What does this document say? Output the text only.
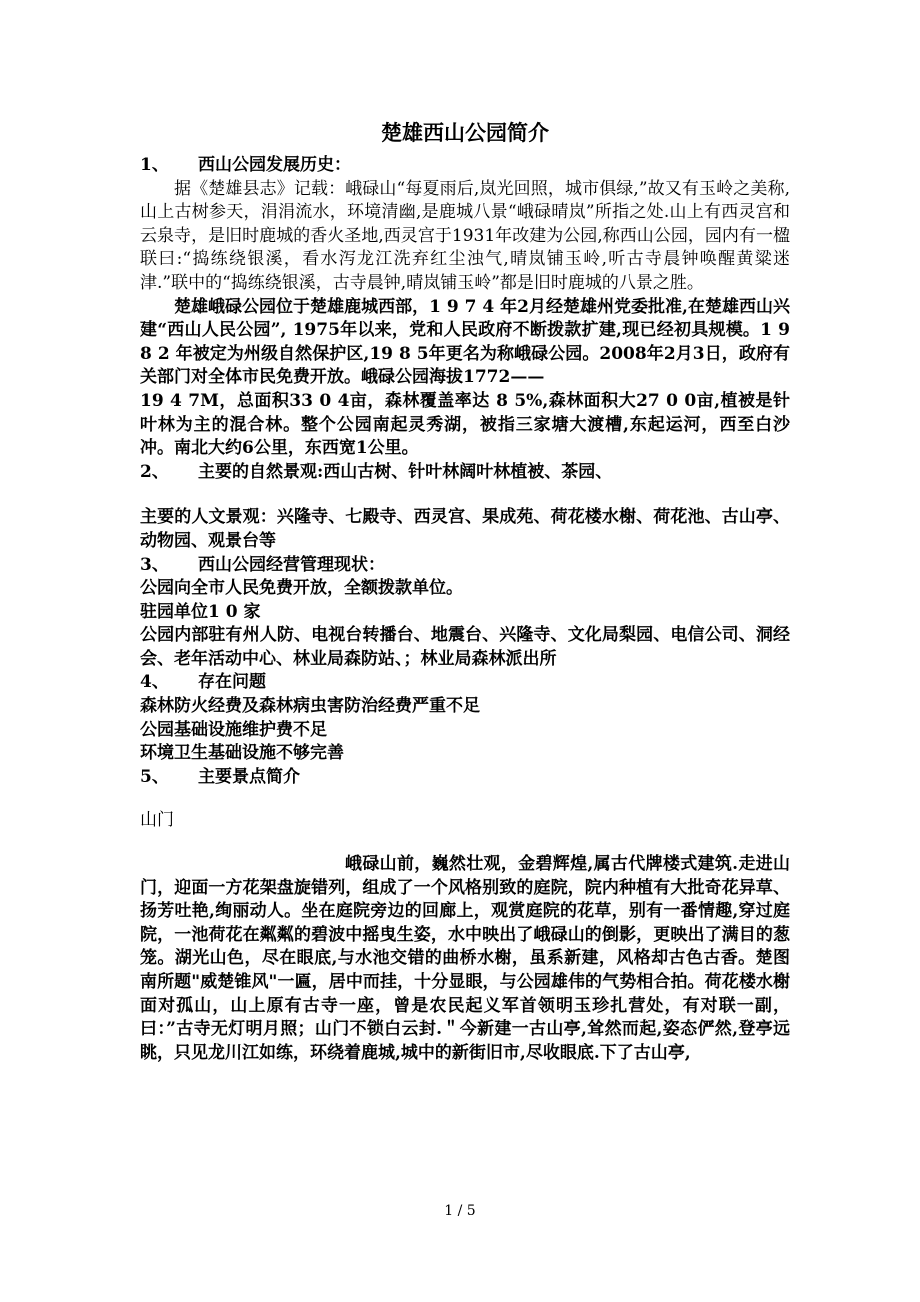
楚雄西山公园简介
1、	西山公园发展历史：

据《楚雄县志》记载：峨碌山“每夏雨后,岚光回照，城市俱绿,”故又有玉岭之美称,山上古树参天，涓涓流水，环境清幽,是鹿城八景“峨碌晴岚”所指之处.山上有西灵宫和云泉寺，是旧时鹿城的香火圣地,西灵宫于1931年改建为公园,称西山公园，园内有一楹联曰:“捣练绕银溪，看水泻龙江洗弃红尘浊气,晴岚铺玉岭,听古寺晨钟唤醒黄粱迷津.”联中的“捣练绕银溪，古寺晨钟,晴岚铺玉岭”都是旧时鹿城的八景之胜。

楚雄峨碌公园位于楚雄鹿城西部，1 9 7 4 年2月经楚雄州党委批准,在楚雄西山兴建“西山人民公园”, 1975年以来，党和人民政府不断拨款扩建,现已经初具规模。1 9 8 2 年被定为州级自然保护区,19 8 5年更名为称峨碌公园。2008年2月3日，政府有关部门对全体市民免费开放。峨碌公园海拔1772——

19 4 7M，总面积33 0 4亩，森林覆盖率达 8 5%,森林面积大27 0 0亩,植被是针叶林为主的混合林。整个公园南起灵秀湖，被指三家塘大渡槽,东起运河，西至白沙冲。南北大约6公里，东西宽1公里。

2、	主要的自然景观:西山古树、针叶林阔叶林植被、茶园、

主要的人文景观：兴隆寺、七殿寺、西灵宫、果成苑、荷花楼水榭、荷花池、古山亭、动物园、观景台等

3、	西山公园经营管理现状：

公园向全市人民免费开放，全额拨款单位。

驻园单位1 0 家

公园内部驻有州人防、电视台转播台、地震台、兴隆寺、文化局梨园、电信公司、洞经会、老年活动中心、林业局森防站、；林业局森林派出所

4、	存在问题

森林防火经费及森林病虫害防治经费严重不足

公园基础设施维护费不足

环境卫生基础设施不够完善

5、	主要景点简介

山门

峨碌山前，巍然壮观，金碧辉煌,属古代牌楼式建筑.走进山门，迎面一方花架盘旋错列，组成了一个风格别致的庭院，院内种植有大批奇花异草、扬芳吐艳,绚丽动人。坐在庭院旁边的回廊上，观赏庭院的花草，别有一番情趣,穿过庭院，一池荷花在粼粼的碧波中摇曳生姿，水中映出了峨碌山的倒影，更映出了满目的葱笼。湖光山色，尽在眼底,与水池交错的曲桥水榭，虽系新建，风格却古色古香。楚图南所题"威楚锥风"一匾，居中而挂，十分显眼，与公园雄伟的气势相合拍。荷花楼水榭面对孤山，山上原有古寺一座，曾是农民起义军首领明玉珍扎营处，有对联一副，曰：”古寺无灯明月照；山门不锁白云封.＂今新建一古山亭,耸然而起,姿态俨然,登亭远眺，只见龙川江如练，环绕着鹿城,城中的新街旧市,尽收眼底.下了古山亭,

1 / 5
